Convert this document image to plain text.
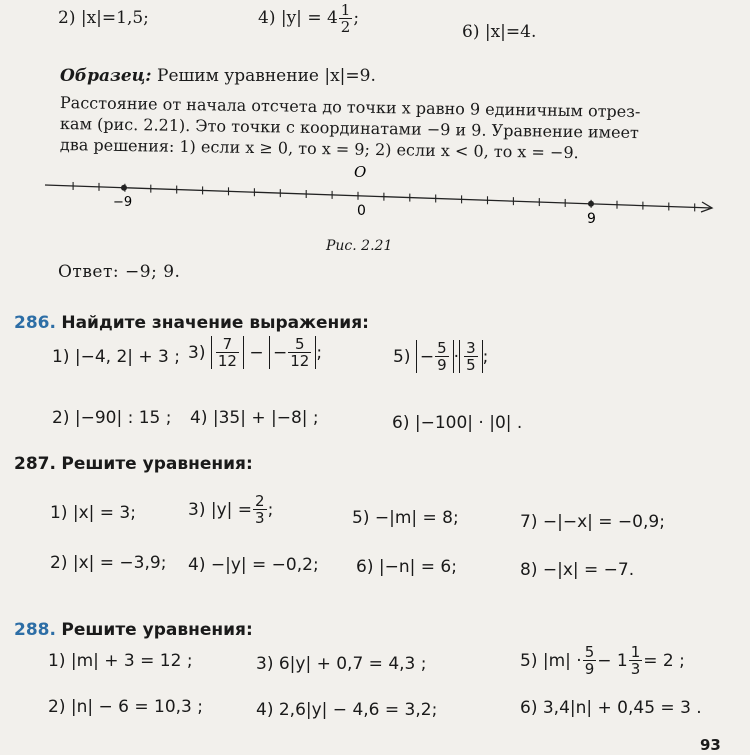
2) |x|=1,5;	4) $|y| = 4 \frac{1}{2}$ ;
6) |x|=4.
Образец: Решим уравнение |x|=9.
Расстояние от начала отсчета до точки x равно 9 единичным отрез-
кам (рис. 2.21). Это точки с координатами −9 и 9. Уравнение имеет
два решения: 1) если x ≥ 0, то x = 9; 2) если x < 0, то x = −9.
O
−9
0	9
Рис. 2.21
Ответ: −9; 9.
286. Найдите значение выражения:
1) |−4, 2| + 3 ; $3) \frac{7}{12}$ − − $\frac{5}{12}$ ;	$5) - \frac{5}{9} \cdot \frac{3}{5}$ ;
2) |−90| : 15 ; 4) |35| + |−8| ;	6) |−100| · |0| .
287. Решите уравнения:
1) |x| = 3;	3) $|y| = \frac{2}{3}$ ;	5) −|m| = 8;	7) −|−x| = −0,9;
2) |x| = −3,9; 4) −|y| = −0,2; 6) |−n| = 6;	8) −|x| = −7.
288. Решите уравнения:
1) |m| + 3 = 12 ;	3) 6|y| + 0,7 = 4,3 ;	5) $|m| \cdot \frac{5}{9} - 1 \frac{1}{3} = 2$ ;
2) |n| − 6 = 10,3 ;	4) 2,6|y| − 4,6 = 3,2;	6) 3,4|n| + 0,45 = 3 .
93
